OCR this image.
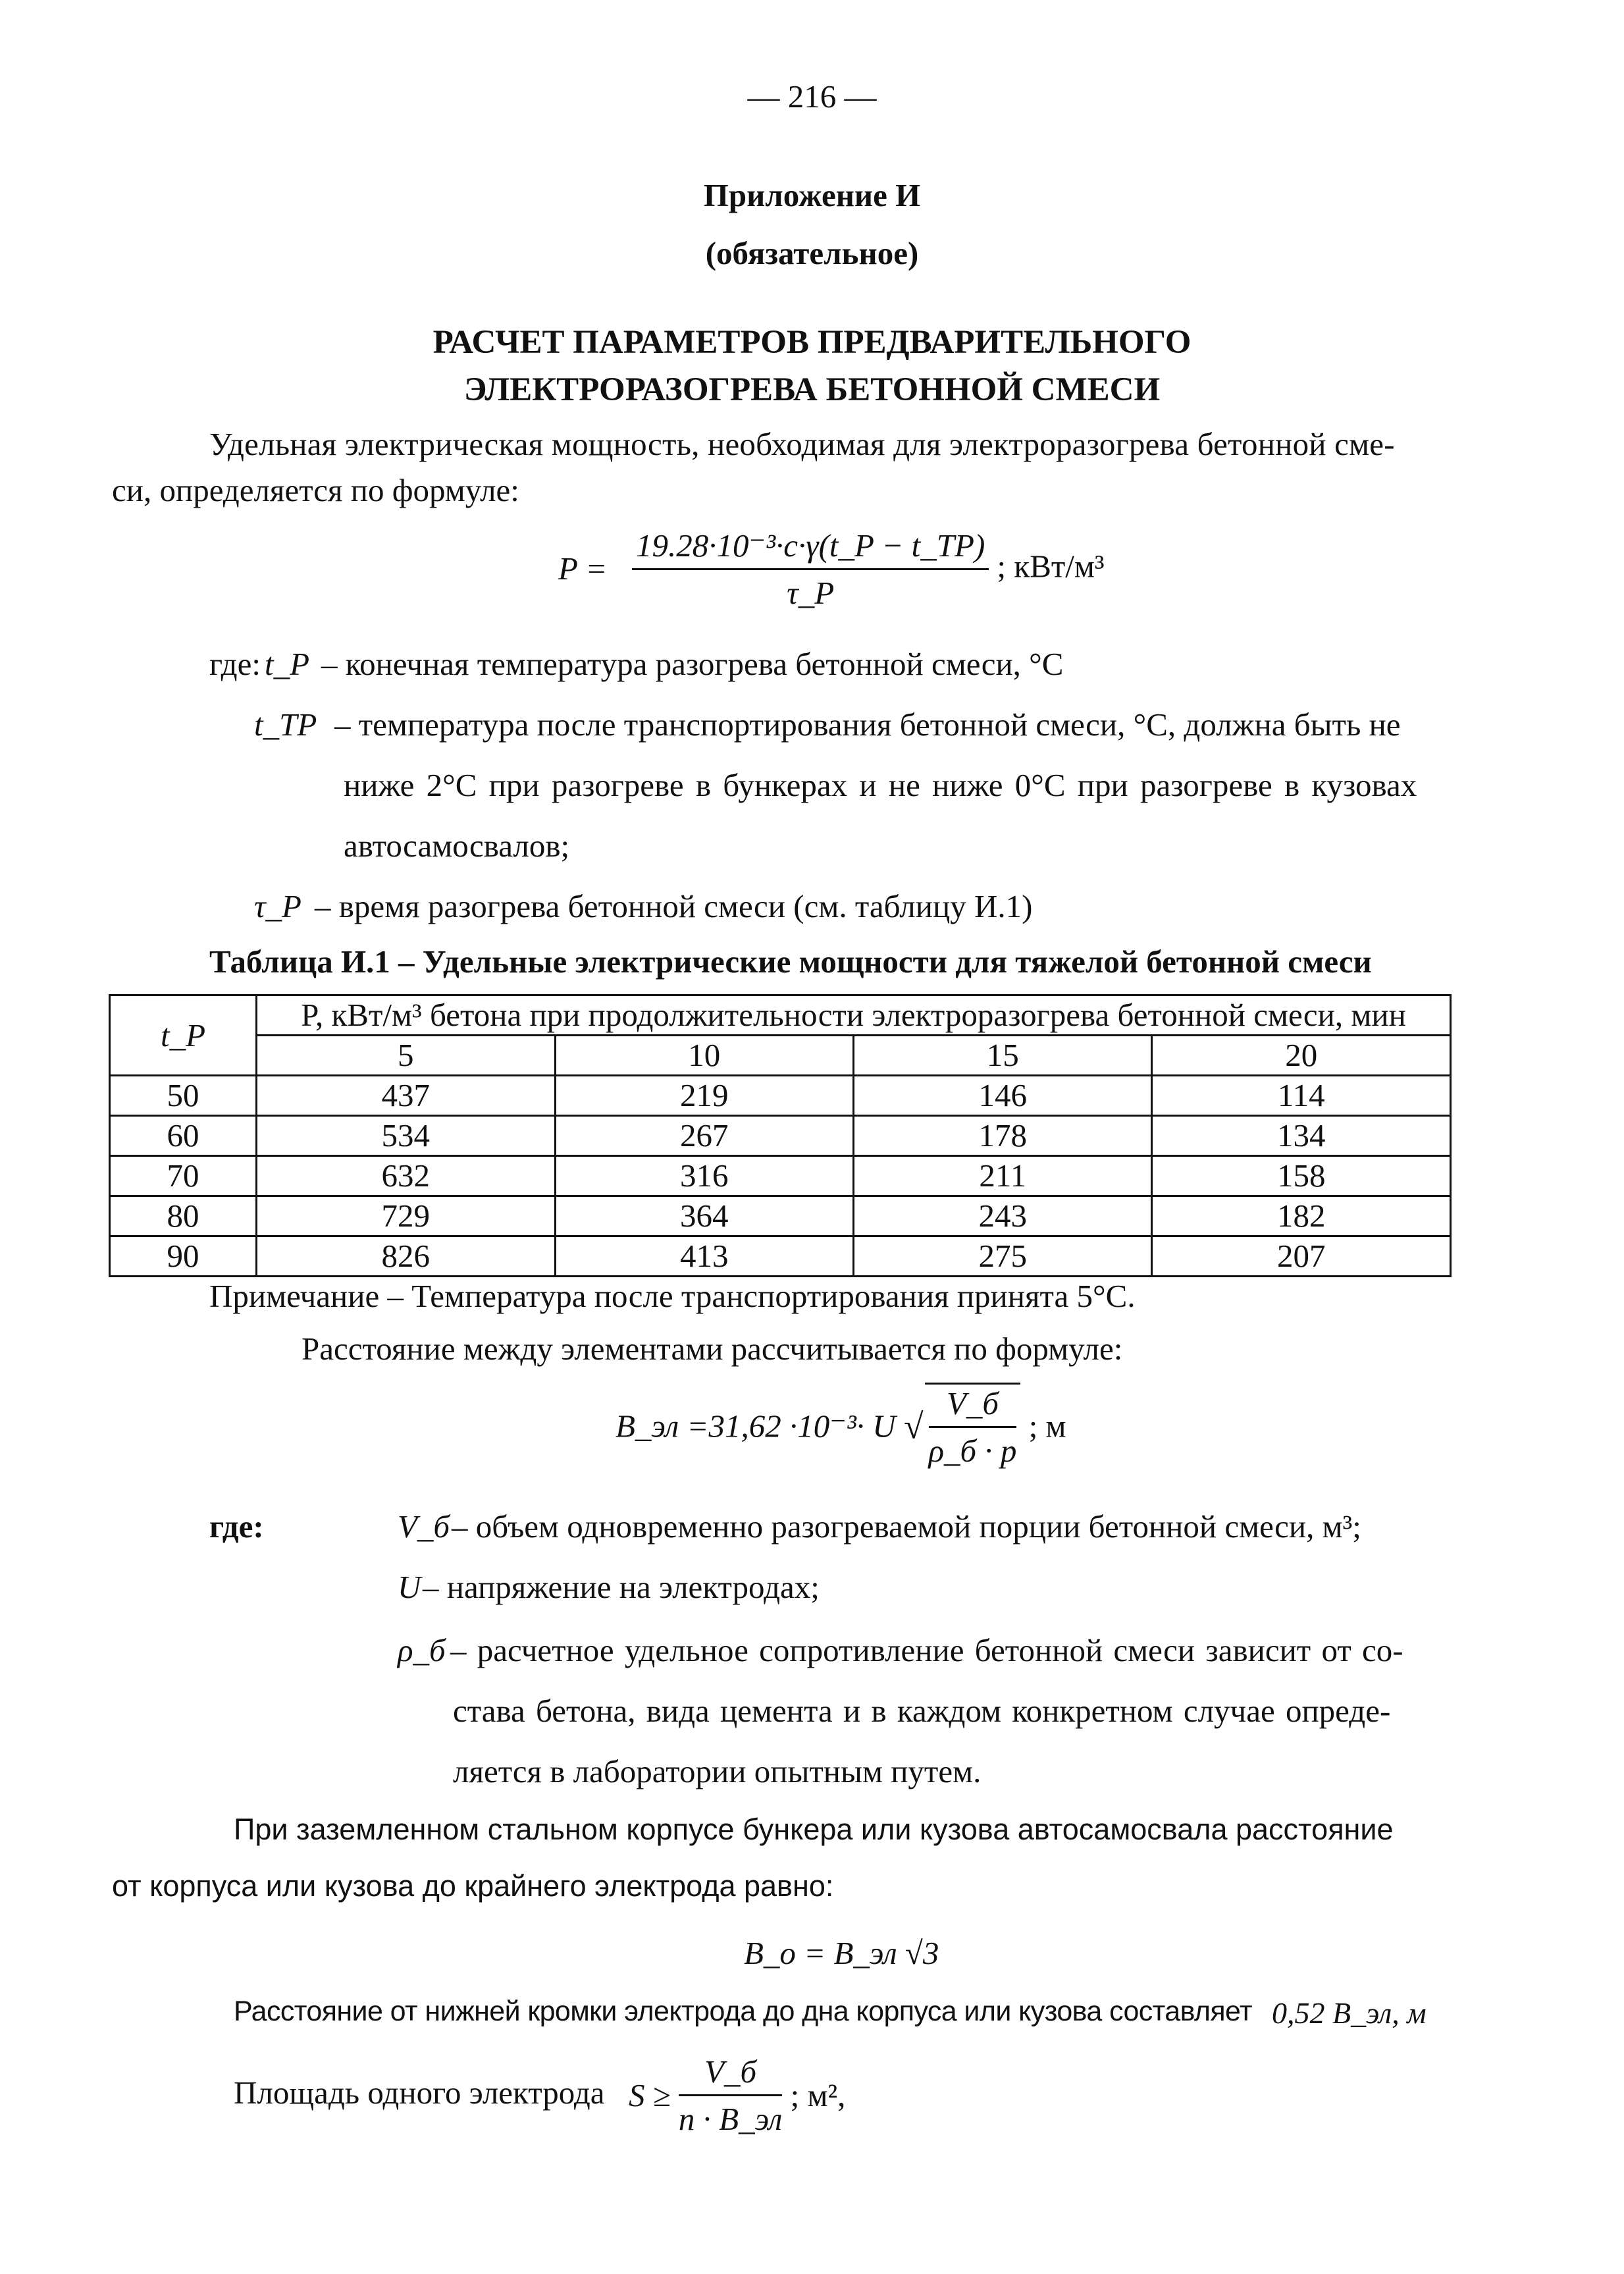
— 216 —
Приложение И
(обязательное)
РАСЧЕТ ПАРАМЕТРОВ ПРЕДВАРИТЕЛЬНОГО
ЭЛЕКТРОРАЗОГРЕВА БЕТОННОЙ СМЕСИ
Удельная электрическая мощность, необходимая для электроразогрева бетонной сме-
си, определяется по формуле:
$P = \frac{\text{19.28·10⁻³·c·γ(t\_P − t\_TP)}}{\tau\_P}$ ; кВт/м³
где: t_P – конечная температура разогрева бетонной смеси, °С
t_TP – температура после транспортирования бетонной смеси, °С, должна быть не
ниже 2°С при разогреве в бункерах и не ниже 0°С при разогреве в кузовах
автосамосвалов;
τ_P – время разогрева бетонной смеси (см. таблицу И.1)
Таблица И.1 – Удельные электрические мощности для тяжелой бетонной смеси
t_P	P, кВт/м³ бетона при продолжительности электроразогрева бетонной смеси, мин			
	5	10	15	20
50	437	219	146	114
60	534	267	178	134
70	632	316	211	158
80	729	364	243	182
90	826	413	275	207
Примечание – Температура после транспортирования принята 5°С.
Расстояние между элементами рассчитывается по формуле:
B_эл =31,62 ·10⁻³· U √ $\frac{V\_б}{\rho\_б \cdot p}$ ; м
где:	V_б – объем одновременно разогреваемой порции бетонной смеси, м³;
U – напряжение на электродах;
ρ_б – расчетное удельное сопротивление бетонной смеси зависит от со-
става бетона, вида цемента и в каждом конкретном случае опреде-
ляется в лаборатории опытным путем.
При заземленном стальном корпусе бункера или кузова автосамосвала расстояние
от корпуса или кузова до крайнего электрода равно:
B_o = B_эл √3
Расстояние от нижней кромки электрода до дна корпуса или кузова составляет 0,52 B_эл, м
Площадь одного электрода $S \ge \frac{V\_б}{n \cdot B\_эл}$ ; м²,
